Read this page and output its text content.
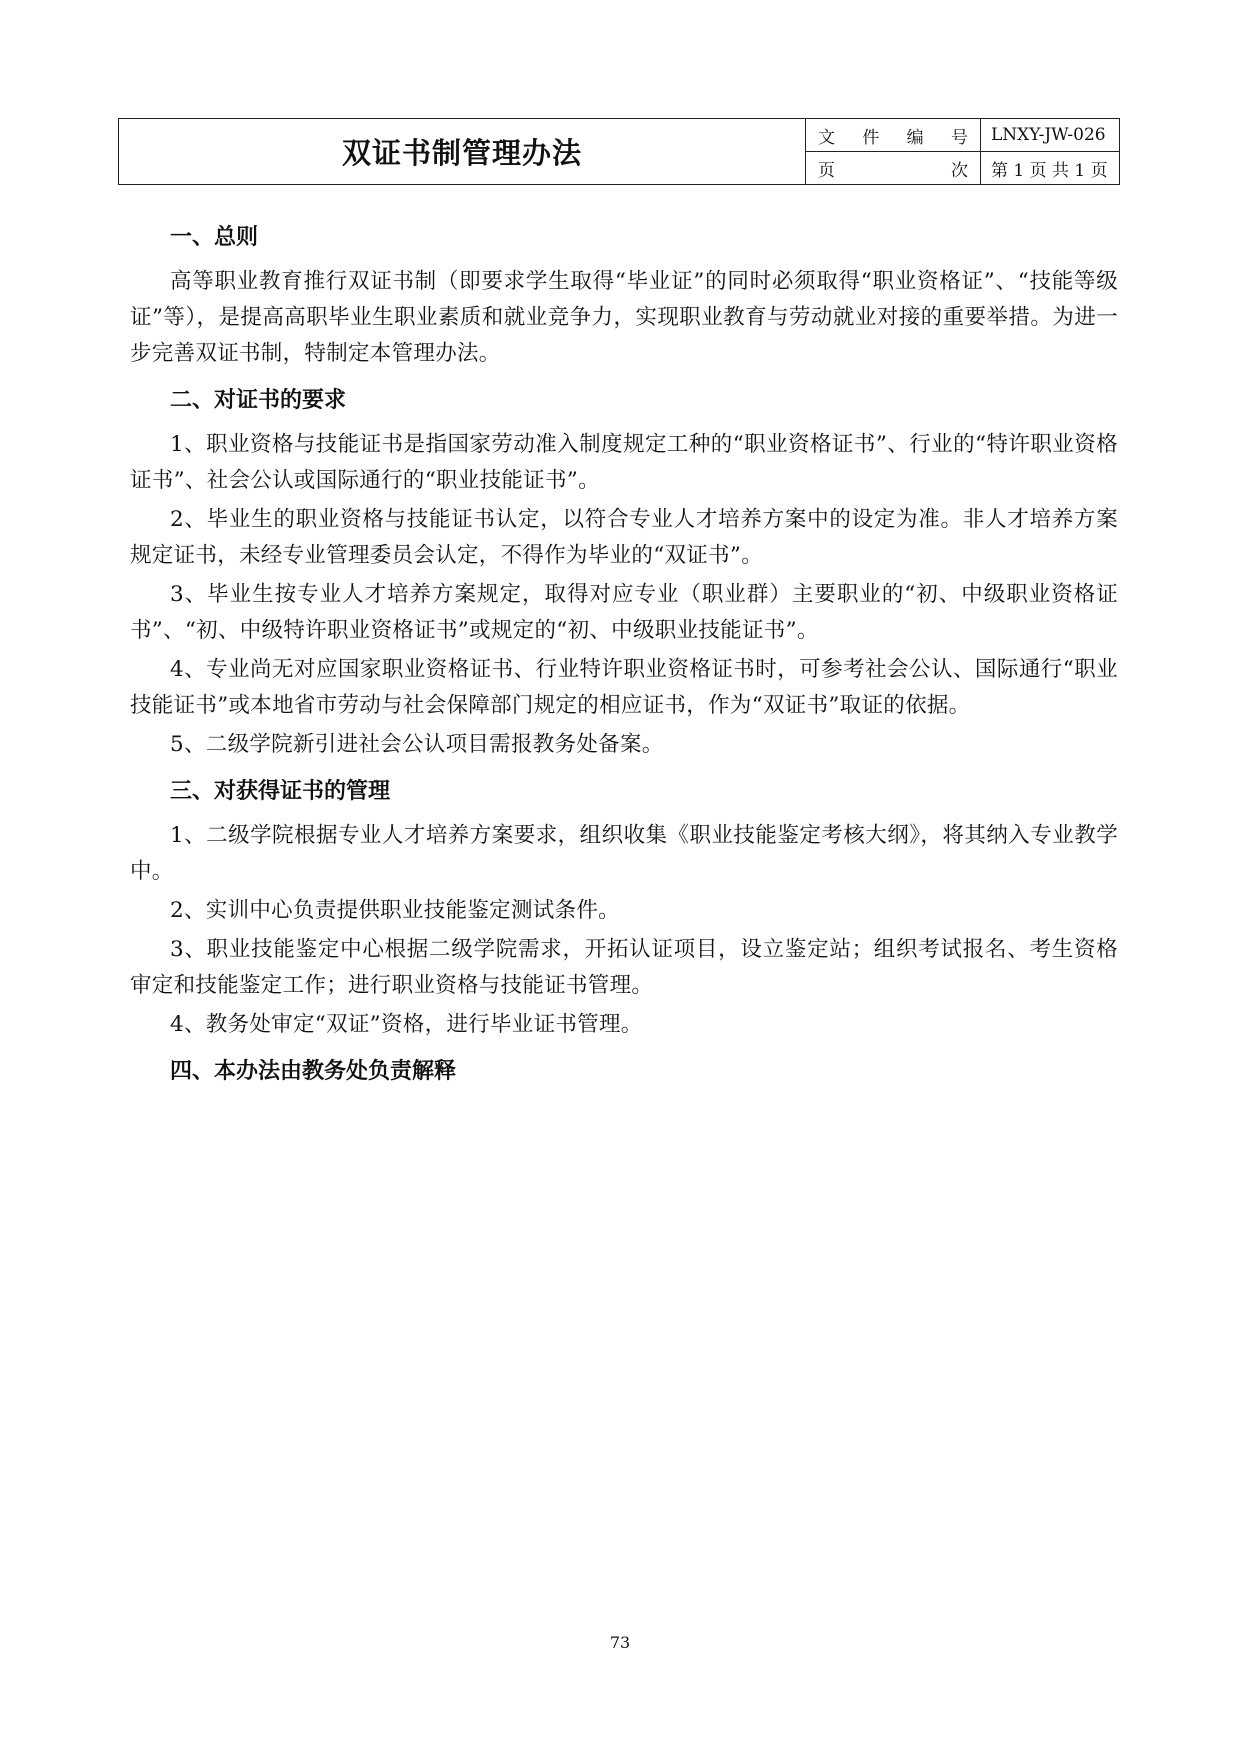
双证书制管理办法	文 件 编 号	LNXY-JW-026

	页 次	第 1 页 共 1 页
一、总则

高等职业教育推行双证书制（即要求学生取得“毕业证”的同时必须取得“职业资格证”、“技能等级证”等），是提高高职毕业生职业素质和就业竞争力，实现职业教育与劳动就业对接的重要举措。为进一步完善双证书制，特制定本管理办法。

二、对证书的要求

1、职业资格与技能证书是指国家劳动准入制度规定工种的“职业资格证书”、行业的“特许职业资格证书”、社会公认或国际通行的“职业技能证书”。

2、毕业生的职业资格与技能证书认定，以符合专业人才培养方案中的设定为准。非人才培养方案规定证书，未经专业管理委员会认定，不得作为毕业的“双证书”。

3、毕业生按专业人才培养方案规定，取得对应专业（职业群）主要职业的“初、中级职业资格证书”、“初、中级特许职业资格证书”或规定的“初、中级职业技能证书”。

4、专业尚无对应国家职业资格证书、行业特许职业资格证书时，可参考社会公认、国际通行“职业技能证书”或本地省市劳动与社会保障部门规定的相应证书，作为“双证书”取证的依据。

5、二级学院新引进社会公认项目需报教务处备案。

三、对获得证书的管理

1、二级学院根据专业人才培养方案要求，组织收集《职业技能鉴定考核大纲》，将其纳入专业教学中。

2、实训中心负责提供职业技能鉴定测试条件。

3、职业技能鉴定中心根据二级学院需求，开拓认证项目，设立鉴定站；组织考试报名、考生资格审定和技能鉴定工作；进行职业资格与技能证书管理。

4、教务处审定“双证”资格，进行毕业证书管理。

四、本办法由教务处负责解释
73
